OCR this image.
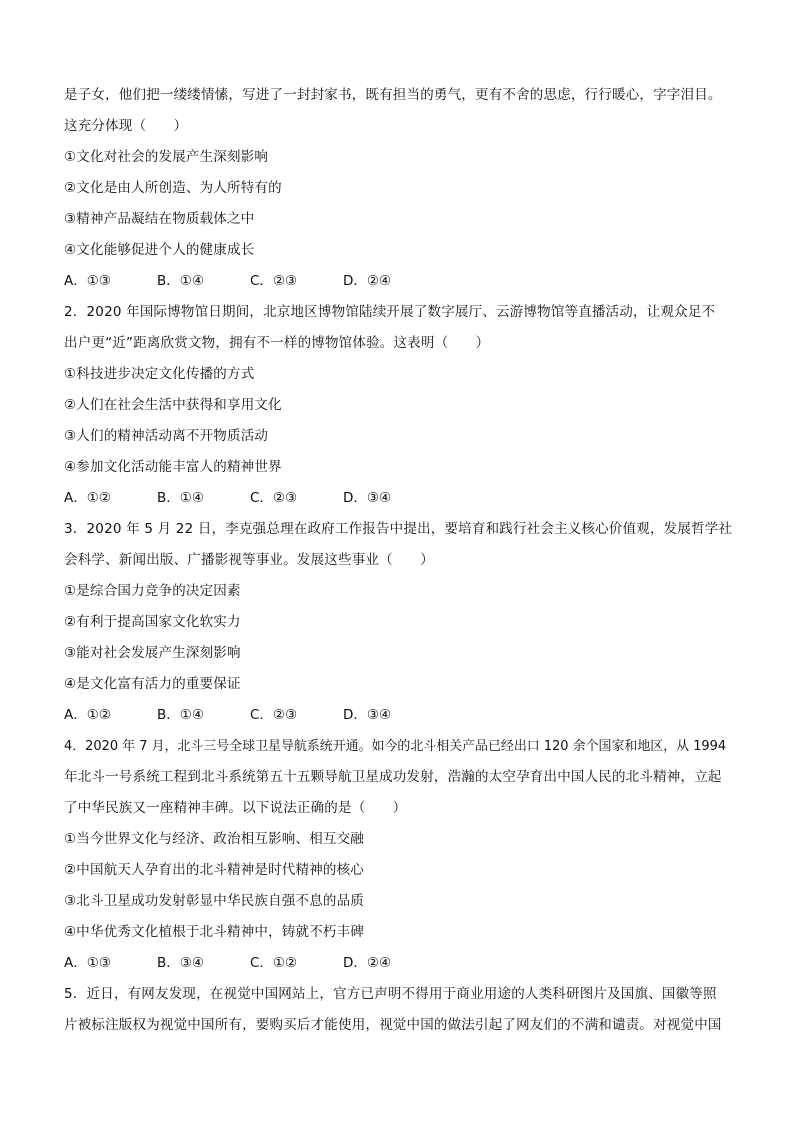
是子女，他们把一缕缕情愫，写进了一封封家书，既有担当的勇气，更有不舍的思虑，行行暖心，字字泪目。
这充分体现（　　）
①文化对社会的发展产生深刻影响
②文化是由人所创造、为人所特有的
③精神产品凝结在物质载体之中
④文化能够促进个人的健康成长
A．①③	B．①④	C．②③	D．②④
2．2020 年国际博物馆日期间，北京地区博物馆陆续开展了数字展厅、云游博物馆等直播活动，让观众足不
出户更“近”距离欣赏文物，拥有不一样的博物馆体验。这表明（　　）
①科技进步决定文化传播的方式
②人们在社会生活中获得和享用文化
③人们的精神活动离不开物质活动
④参加文化活动能丰富人的精神世界
A．①②	B．①④	C．②③	D．③④
3．2020 年 5 月 22 日，李克强总理在政府工作报告中提出，要培育和践行社会主义核心价值观，发展哲学社
会科学、新闻出版、广播影视等事业。发展这些事业（　　）
①是综合国力竞争的决定因素
②有利于提高国家文化软实力
③能对社会发展产生深刻影响
④是文化富有活力的重要保证
A．①②	B．①④	C．②③	D．③④
4．2020 年 7 月，北斗三号全球卫星导航系统开通。如今的北斗相关产品已经出口 120 余个国家和地区，从 1994
年北斗一号系统工程到北斗系统第五十五颗导航卫星成功发射，浩瀚的太空孕育出中国人民的北斗精神，立起
了中华民族又一座精神丰碑。以下说法正确的是（　　）
①当今世界文化与经济、政治相互影响、相互交融
②中国航天人孕育出的北斗精神是时代精神的核心
③北斗卫星成功发射彰显中华民族自强不息的品质
④中华优秀文化植根于北斗精神中，铸就不朽丰碑
A．①③	B．③④	C．①②	D．②④
5．近日，有网友发现，在视觉中国网站上，官方已声明不得用于商业用途的人类科研图片及国旗、国徽等照
片被标注版权为视觉中国所有，要购买后才能使用，视觉中国的做法引起了网友们的不满和谴责。对视觉中国
